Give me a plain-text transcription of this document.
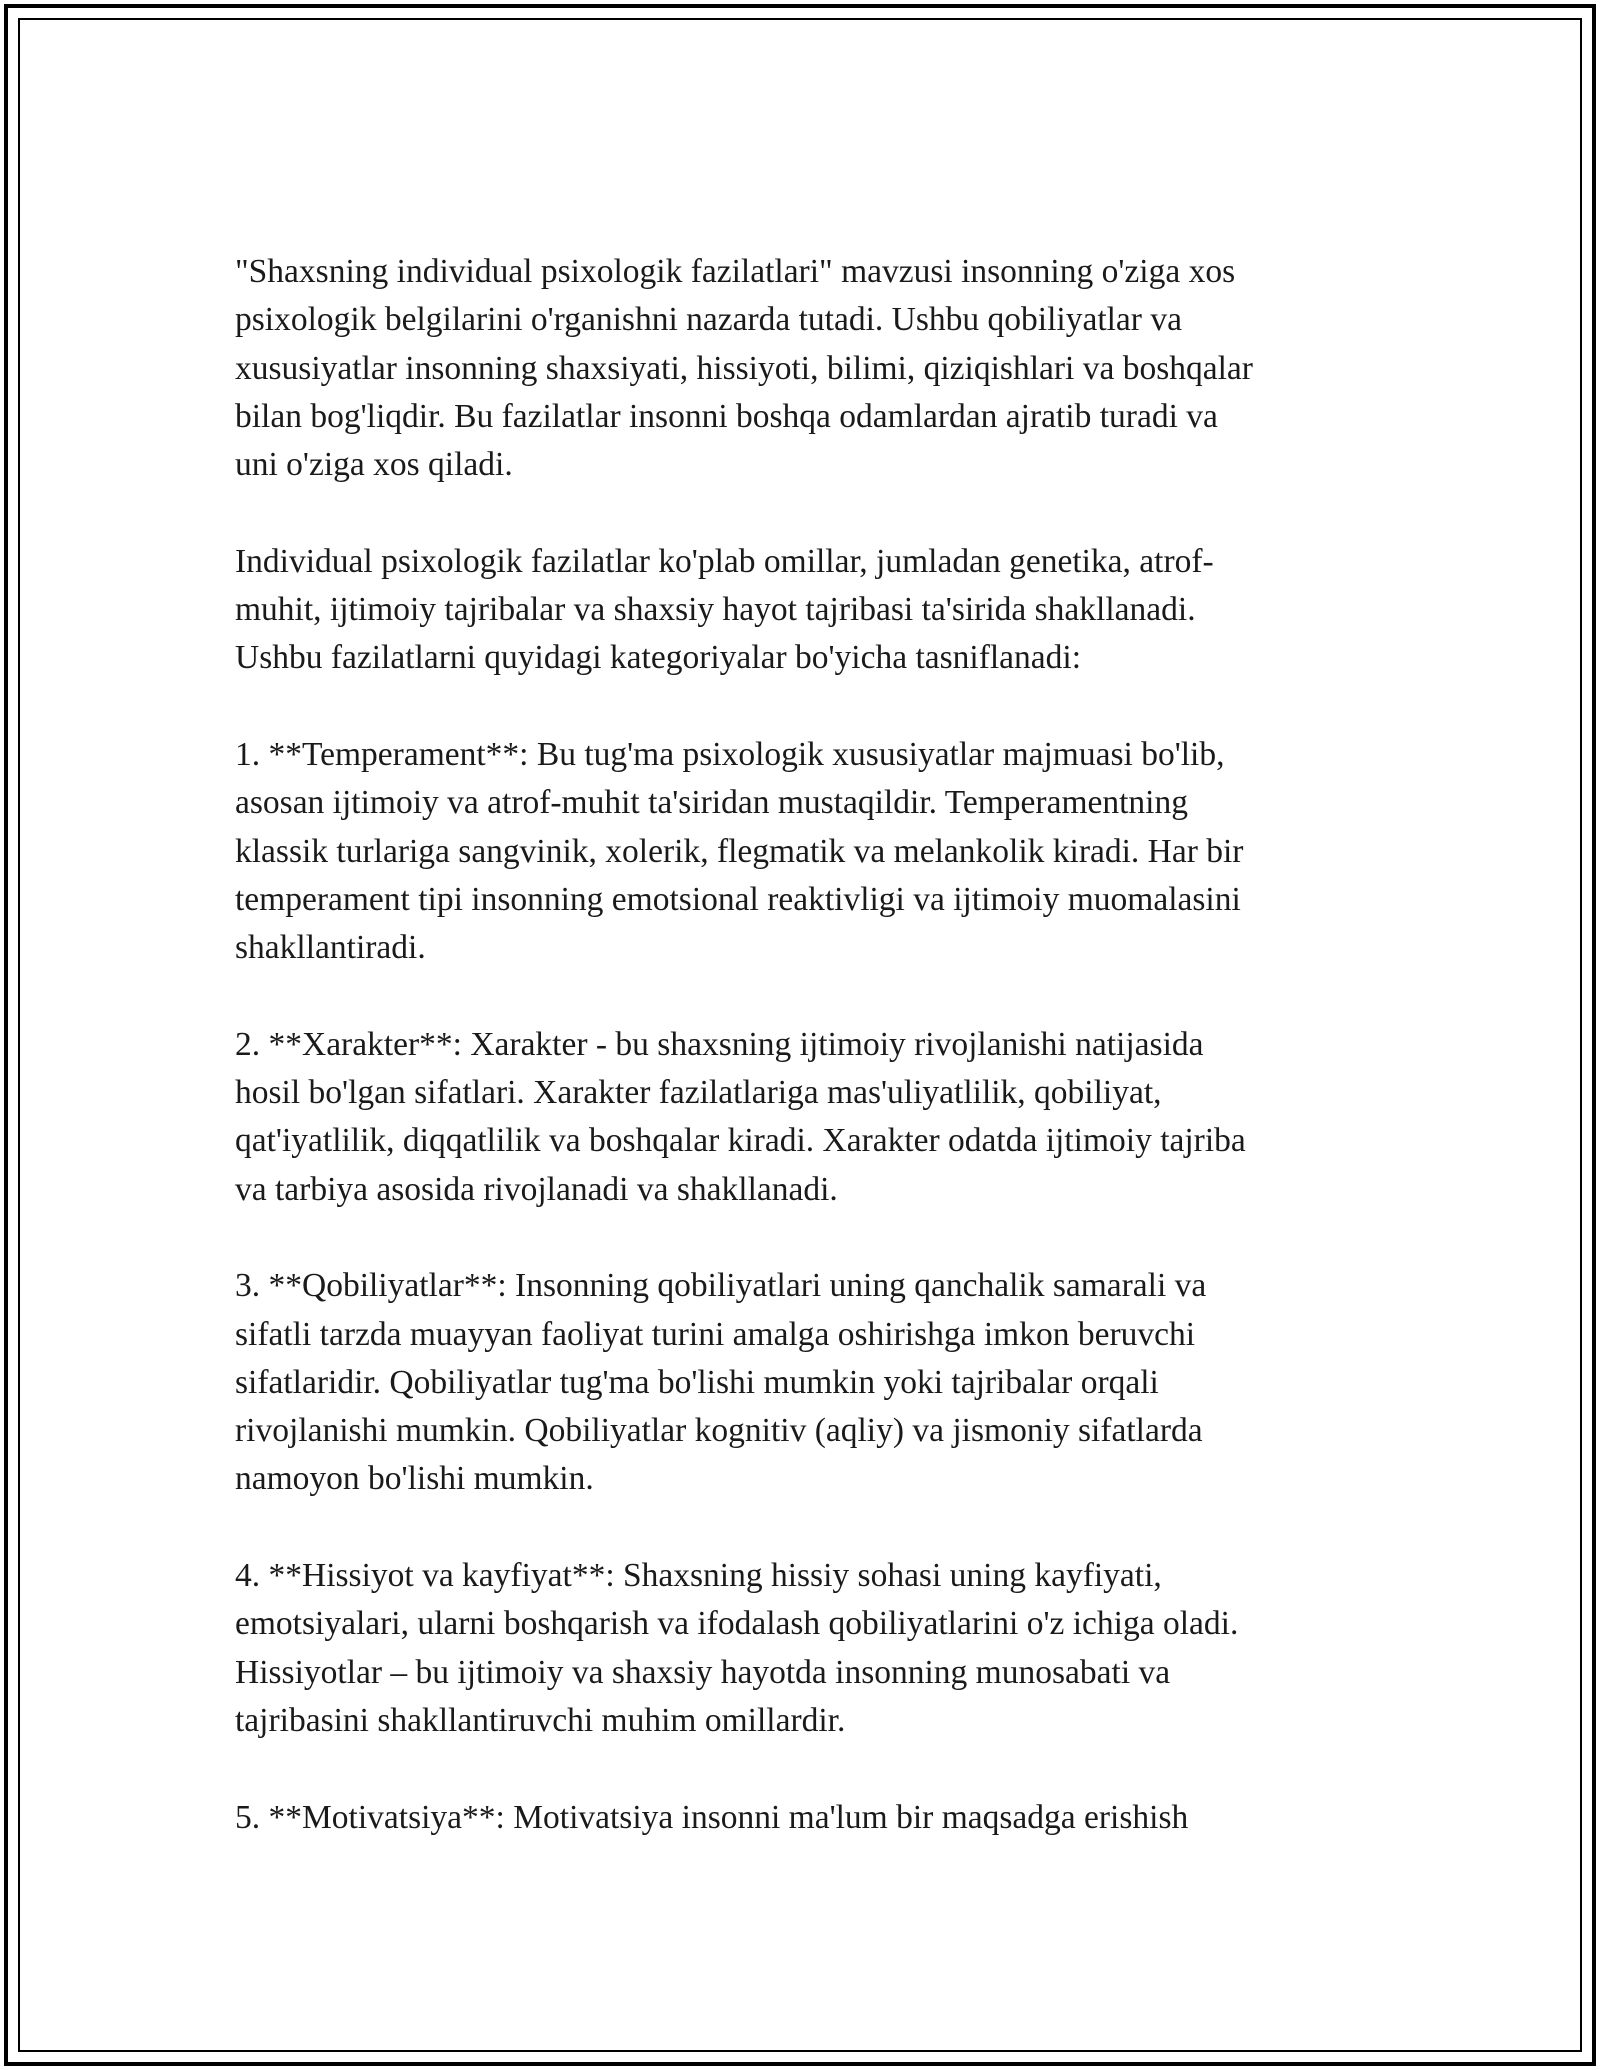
"Shaxsning individual psixologik fazilatlari" mavzusi insonning o'ziga xos
psixologik belgilarini o'rganishni nazarda tutadi. Ushbu qobiliyatlar va
xususiyatlar insonning shaxsiyati, hissiyoti, bilimi, qiziqishlari va boshqalar
bilan bog'liqdir. Bu fazilatlar insonni boshqa odamlardan ajratib turadi va
uni o'ziga xos qiladi.

Individual psixologik fazilatlar ko'plab omillar, jumladan genetika, atrof-
muhit, ijtimoiy tajribalar va shaxsiy hayot tajribasi ta'sirida shakllanadi.
Ushbu fazilatlarni quyidagi kategoriyalar bo'yicha tasniflanadi:

1. **Temperament**: Bu tug'ma psixologik xususiyatlar majmuasi bo'lib,
asosan ijtimoiy va atrof-muhit ta'siridan mustaqildir. Temperamentning
klassik turlariga sangvinik, xolerik, flegmatik va melankolik kiradi. Har bir
temperament tipi insonning emotsional reaktivligi va ijtimoiy muomalasini
shakllantiradi.

2. **Xarakter**: Xarakter - bu shaxsning ijtimoiy rivojlanishi natijasida
hosil bo'lgan sifatlari. Xarakter fazilatlariga mas'uliyatlilik, qobiliyat,
qat'iyatlilik, diqqatlilik va boshqalar kiradi. Xarakter odatda ijtimoiy tajriba
va tarbiya asosida rivojlanadi va shakllanadi.

3. **Qobiliyatlar**: Insonning qobiliyatlari uning qanchalik samarali va
sifatli tarzda muayyan faoliyat turini amalga oshirishga imkon beruvchi
sifatlaridir. Qobiliyatlar tug'ma bo'lishi mumkin yoki tajribalar orqali
rivojlanishi mumkin. Qobiliyatlar kognitiv (aqliy) va jismoniy sifatlarda
namoyon bo'lishi mumkin.

4. **Hissiyot va kayfiyat**: Shaxsning hissiy sohasi uning kayfiyati,
emotsiyalari, ularni boshqarish va ifodalash qobiliyatlarini o'z ichiga oladi.
Hissiyotlar – bu ijtimoiy va shaxsiy hayotda insonning munosabati va
tajribasini shakllantiruvchi muhim omillardir.

5. **Motivatsiya**: Motivatsiya insonni ma'lum bir maqsadga erishish
